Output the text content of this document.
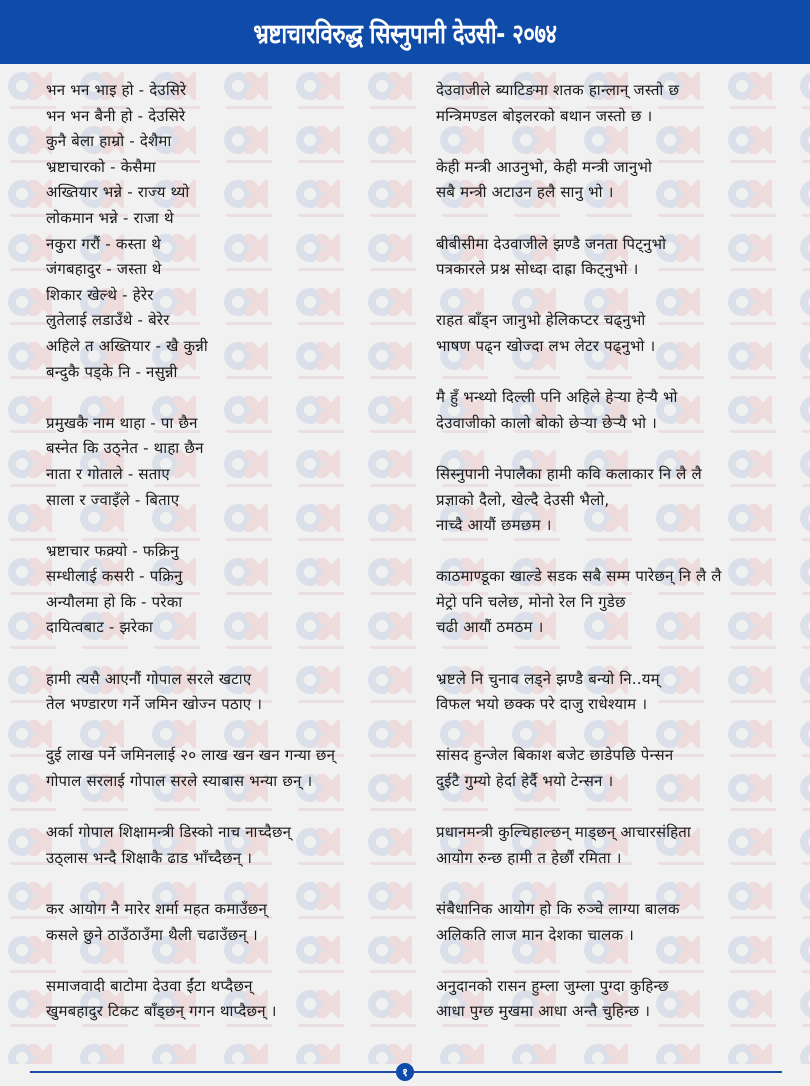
भ्रष्टाचारविरुद्ध सिस्नुपानी देउसी- २०७४
भन भन भाइ हो - देउसिरे
भन भन बैनी हो - देउसिरे
कुनै बेला हाम्रो - देशैमा
भ्रष्टाचारको - केसैमा
अख्तियार भन्ने - राज्य थ्यो
लोकमान भन्ने - राजा थे
नकुरा गरौं - कस्ता थे
जंगबहादुर - जस्ता थे
शिकार खेल्थे - हेरेर
लुतेलाई लडाउँथे - बेरेर
अहिले त अख्तियार - खै कुन्नी
बन्दुकै पड्के नि - नसुन्नी
प्रमुखकै नाम थाहा - पा छैन
बस्नेत कि उठ्नेत - थाहा छैन
नाता र गोताले - सताए
साला र ज्वाइँले - बिताए
भ्रष्टाचार फक्र्यो - फक्रिनु
सम्धीलाई कसरी - पक्रिनु
अन्यौलमा हो कि - परेका
दायित्वबाट - झरेका
हामी त्यसै आएनौं गोपाल सरले खटाए
तेल भण्डारण गर्ने जमिन खोज्न पठाए ।
दुई लाख पर्ने जमिनलाई २० लाख खन खन गन्या छन्
गोपाल सरलाई गोपाल सरले स्याबास भन्या छन् ।
अर्का गोपाल शिक्षामन्त्री डिस्को नाच नाच्दैछन्
उठ्लास भन्दै शिक्षाकै ढाड भाँच्दैछन् ।
कर आयोग नै मारेर शर्मा महत कमाउँछन्
कसले छुने ठाउँठाउँमा थैली चढाउँछन् ।
समाजवादी बाटोमा देउवा ईंटा थप्दैछन्
खुमबहादुर टिकट बाँड्छन् गगन थाप्दैछन् ।
देउवाजीले ब्याटिङमा शतक हान्लान् जस्तो छ
मन्त्रिमण्डल बोइलरको बथान जस्तो छ ।
केही मन्त्री आउनुभो, केही मन्त्री जानुभो
सबै मन्त्री अटाउन हलै सानु भो ।
बीबीसीमा देउवाजीले झण्डै जनता पिट्नुभो
पत्रकारले प्रश्न सोध्दा दाह्रा किट्नुभो ।
राहत बाँड्न जानुभो हेलिकप्टर चढ्नुभो
भाषण पढ्न खोज्दा लभ लेटर पढ्नुभो ।
मै हुँ भन्थ्यो दिल्ली पनि अहिले हेर्‍या हेर्‍यै भो
देउवाजीको कालो बोको छेर्‍या छेर्‍यै भो ।
सिस्नुपानी नेपालैका हामी कवि कलाकार नि लै लै
प्रज्ञाको दैलो, खेल्दै देउसी भैलो,
नाच्दै आयौं छमछम ।
काठमाण्डूका खाल्डे सडक सबै सम्म पारेछन् नि लै लै
मेट्रो पनि चलेछ, मोनो रेल नि गुडेछ
चढी आयौं ठमठम ।
भ्रष्टले नि चुनाव लड्ने झण्डै बन्यो नि..यम्
विफल भयो छक्क परे दाजु राधेश्याम ।
सांसद हुन्जेल बिकाश बजेट छाडेपछि पेन्सन
दुईटै गुम्यो हेर्दा हेर्दै भयो टेन्सन ।
प्रधानमन्त्री कुल्चिहाल्छन् माड्छन् आचारसंहिता
आयोग रुन्छ हामी त हेर्छौं रमिता ।
संबैधानिक आयोग हो कि रुञ्चे लाग्या बालक
अलिकति लाज मान देशका चालक ।
अनुदानको रासन हुम्ला जुम्ला पुग्दा कुहिन्छ
आधा पुग्छ मुखमा आधा अन्तै चुहिन्छ ।
१
